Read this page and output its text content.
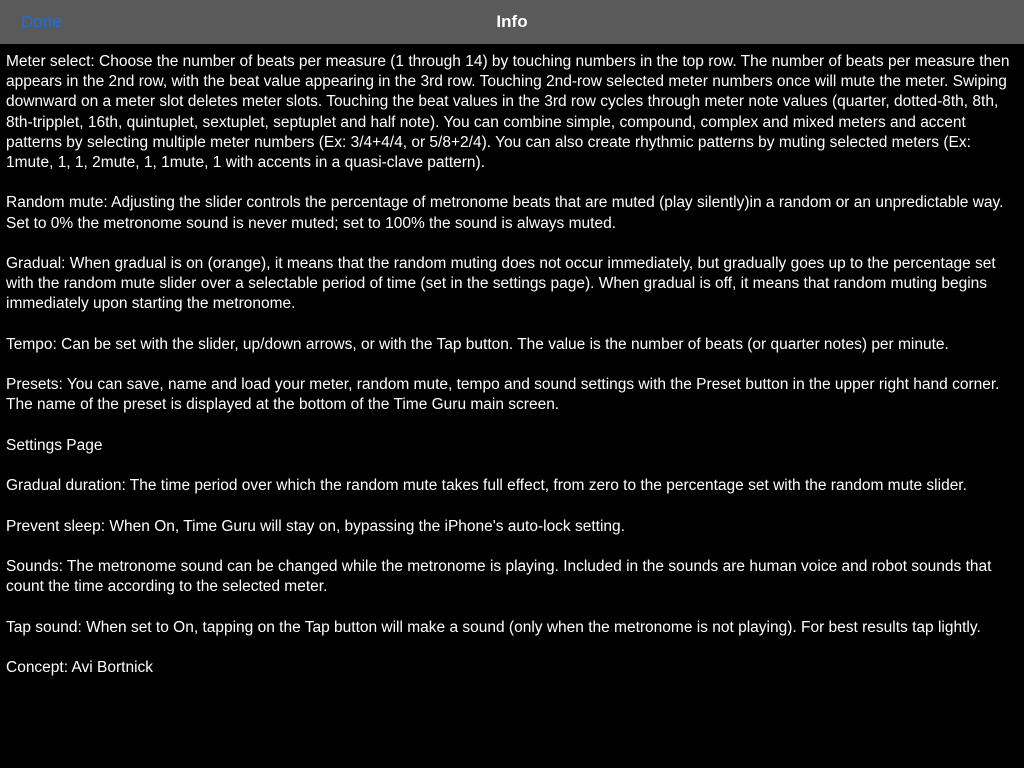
Done	Info

Meter select: Choose the number of beats per measure (1 through 14) by touching numbers in the top row. The number of beats per measure then appears in the 2nd row, with the beat value appearing in the 3rd row. Touching 2nd-row selected meter numbers once will mute the meter. Swiping downward on a meter slot deletes meter slots. Touching the beat values in the 3rd row cycles through meter note values (quarter, dotted-8th, 8th, 8th-tripplet, 16th, quintuplet, sextuplet, septuplet and half note). You can combine simple, compound, complex and mixed meters and accent patterns by selecting multiple meter numbers (Ex: 3/4+4/4, or 5/8+2/4). You can also create rhythmic patterns by muting selected meters (Ex: 1mute, 1, 1, 2mute, 1, 1mute, 1 with accents in a quasi-clave pattern).

Random mute: Adjusting the slider controls the percentage of metronome beats that are muted (play silently)in a random or an unpredictable way. Set to 0% the metronome sound is never muted; set to 100% the sound is always muted.

Gradual: When gradual is on (orange), it means that the random muting does not occur immediately, but gradually goes up to the percentage set with the random mute slider over a selectable period of time (set in the settings page). When gradual is off, it means that random muting begins immediately upon starting the metronome.

Tempo: Can be set with the slider, up/down arrows, or with the Tap button. The value is the number of beats (or quarter notes) per minute.

Presets: You can save, name and load your meter, random mute, tempo and sound settings with the Preset button in the upper right hand corner. The name of the preset is displayed at the bottom of the Time Guru main screen.

Settings Page

Gradual duration: The time period over which the random mute takes full effect, from zero to the percentage set with the random mute slider.

Prevent sleep: When On, Time Guru will stay on, bypassing the iPhone's auto-lock setting.

Sounds: The metronome sound can be changed while the metronome is playing. Included in the sounds are human voice and robot sounds that count the time according to the selected meter.

Tap sound: When set to On, tapping on the Tap button will make a sound (only when the metronome is not playing). For best results tap lightly.

Concept: Avi Bortnick
